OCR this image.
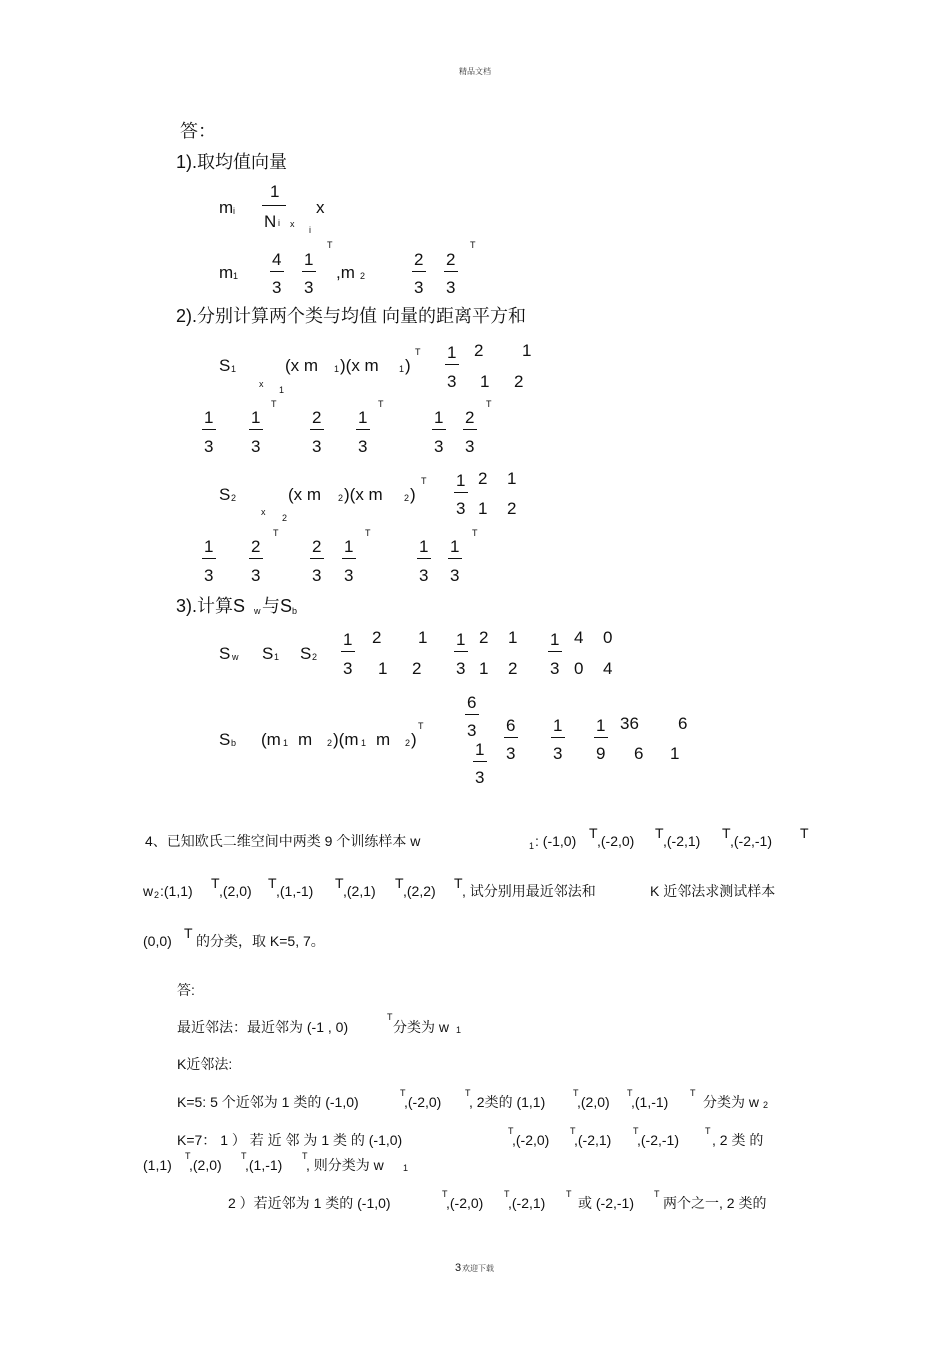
精品文档
答：
1).取均值向量
m i
1
N i x
i
x
m 1
4
3
1
3
T
,m 2
2
3
2
3
T
2).分别计算两个类与均值 向量的距离平方和
S 1
x
1
(x m 1 )(x m 1 )
T 1
3
2 1
1 2
1
3
1
3
T
2
3
1
3
T
1
3
2
3
T
S 2
x
2
(x m 2 )(x m 2 )
T 1
3
2 1
1 2
1
3
2
3
T
2
3
1
3
T
1
3
1
3
T
3).计算S w 与S b
S w S 1 S 2
1
3
2 1
1 2
1
3
2 1
1 2
1
3
4 0
0 4
S b (m 1 m 2 )(m 1 m 2 )
T
6
3
1
3
6
3
1
3
1
9
36 6
6 1
4、已知欧氏二维空间中两类 9 个训练样本 w	1 : (-1,0) T ,(-2,0) T ,(-2,1) T ,(-2,-1) T
w 2 :(1,1) T ,(2,0) T ,(1,-1) T ,(2,1) T ,(2,2) T , 试分别用最近邻法和	K 近邻法求测试样本
(0,0) T 的分类，取 K=5, 7。
答:
最近邻法：最近邻为 (-1 , 0)
T
分类为 w 1
K近邻法:
K=5: 5 个近邻为 1 类的 (-1,0)
T
,(-2,0)
T
, 2类的 (1,1)
T
,(2,0)
T
,(1,-1)
T
分类为 w 2
K=7： 1 ） 若 近 邻 为 1 类 的 (-1,0)
T
,(-2,0)
T
,(-2,1)
T
,(-2,-1)
T
, 2 类 的
(1,1)
T
,(2,0)
T
,(1,-1)
T
, 则分类为 w 1
2 ）若近邻为 1 类的 (-1,0)
T
,(-2,0)
T
,(-2,1)
T
或 (-2,-1)
T
两个之一, 2 类的
3 欢迎下载
